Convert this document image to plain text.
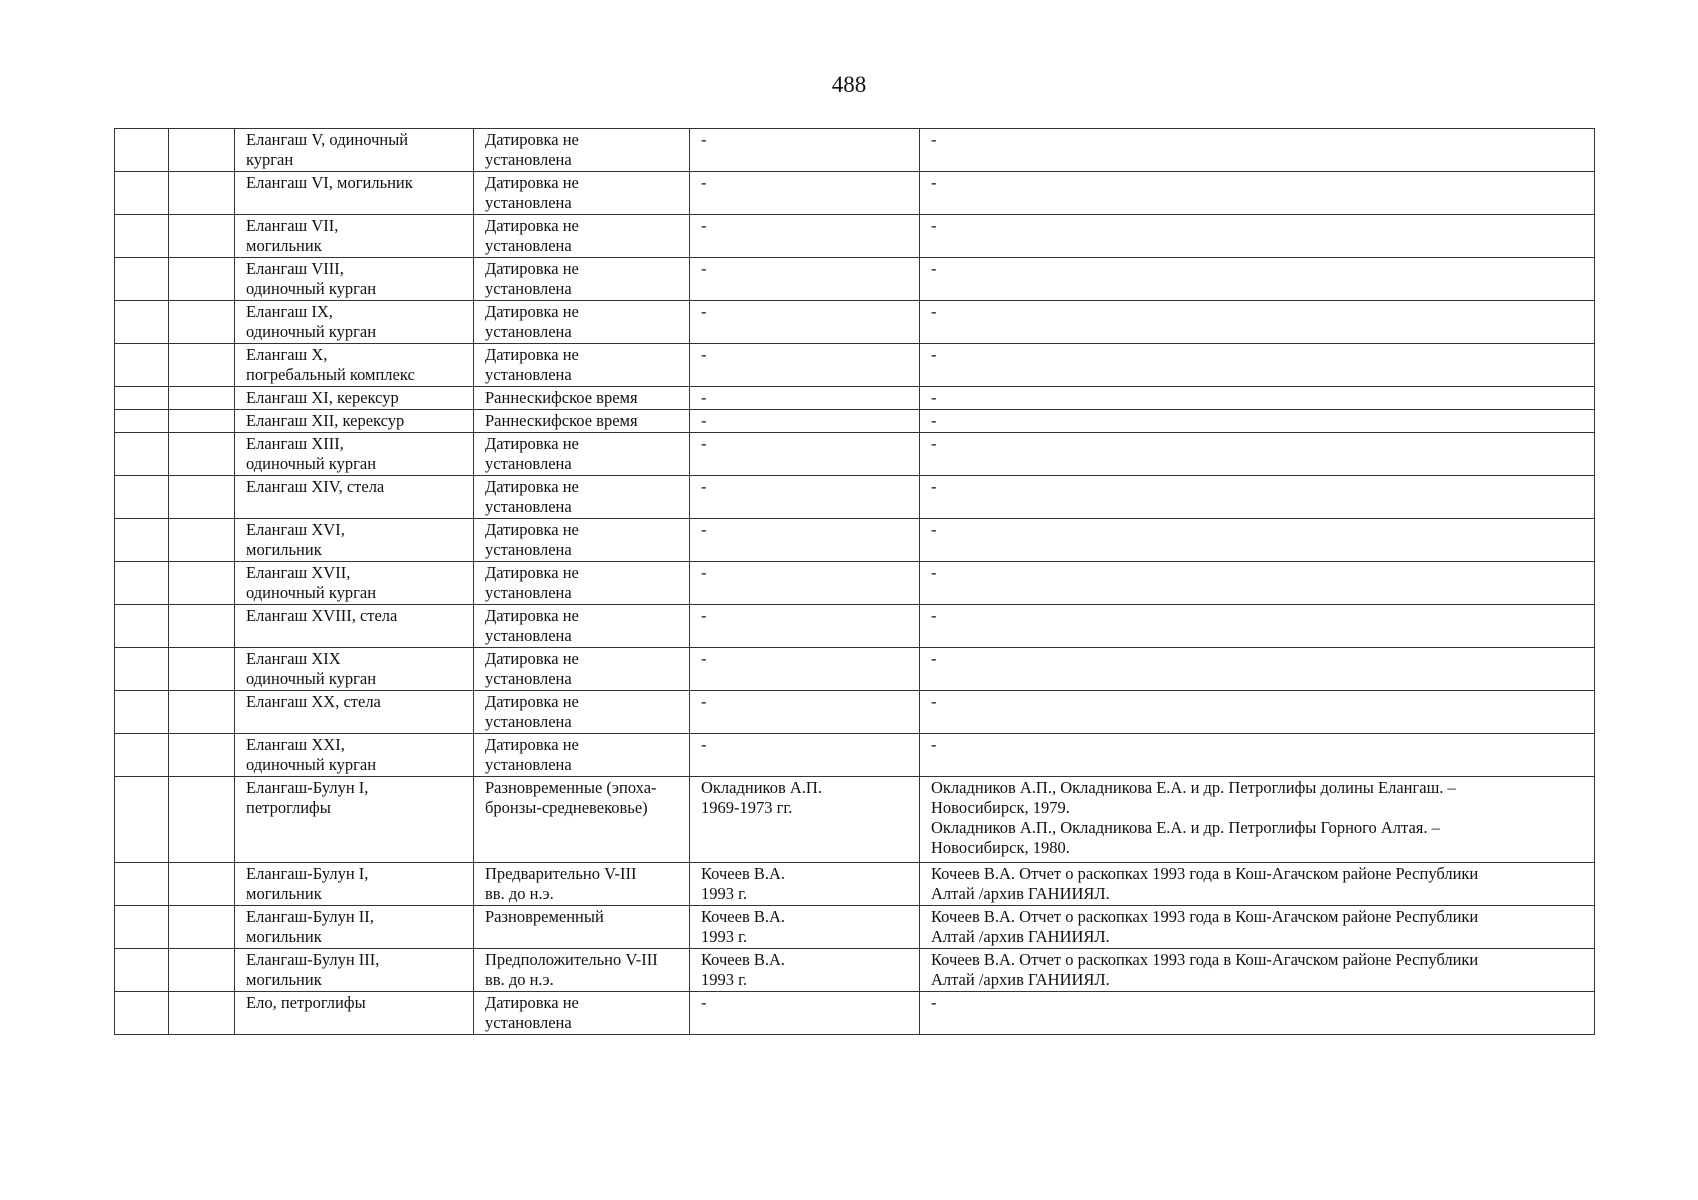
488

		Елангаш V, одиночный
курган	Датировка не
установлена	-	-

		Елангаш VI, могильник	Датировка не
установлена	-	-

		Елангаш VII,
могильник	Датировка не
установлена	-	-

		Елангаш VIII,
одиночный курган	Датировка не
установлена	-	-

		Елангаш IX,
одиночный курган	Датировка не
установлена	-	-

		Елангаш X,
погребальный комплекс	Датировка не
установлена	-	-

		Елангаш XI, керексур	Раннескифское время	-	-

		Елангаш XII, керексур	Раннескифское время	-	-

		Елангаш XIII,
одиночный курган	Датировка не
установлена	-	-

		Елангаш XIV, стела	Датировка не
установлена	-	-

		Елангаш XVI,
могильник	Датировка не
установлена	-	-

		Елангаш XVII,
одиночный курган	Датировка не
установлена	-	-

		Елангаш XVIII, стела	Датировка не
установлена	-	-

		Елангаш XIX
одиночный курган	Датировка не
установлена	-	-

		Елангаш XX, стела	Датировка не
установлена	-	-

		Елангаш XXI,
одиночный курган	Датировка не
установлена	-	-

		Елангаш-Булун I,
петроглифы	Разновременные (эпоха-
бронзы-средневековье)	Окладников А.П.
1969-1973 гг.	Окладников А.П., Окладникова Е.А. и др. Петроглифы долины Елангаш. –
Новосибирск, 1979.
Окладников А.П., Окладникова Е.А. и др. Петроглифы Горного Алтая. –
Новосибирск, 1980.

		Елангаш-Булун I,
могильник	Предварительно V-III
вв. до н.э.	Кочеев В.А.
1993 г.	Кочеев В.А. Отчет о раскопках 1993 года в Кош-Агачском районе Республики
Алтай /архив ГАНИИЯЛ.

		Елангаш-Булун II,
могильник	Разновременный	Кочеев В.А.
1993 г.	Кочеев В.А. Отчет о раскопках 1993 года в Кош-Агачском районе Республики
Алтай /архив ГАНИИЯЛ.

		Елангаш-Булун III,
могильник	Предположительно V-III
вв. до н.э.	Кочеев В.А.
1993 г.	Кочеев В.А. Отчет о раскопках 1993 года в Кош-Агачском районе Республики
Алтай /архив ГАНИИЯЛ.

		Ело, петроглифы	Датировка не
установлена	-	-
